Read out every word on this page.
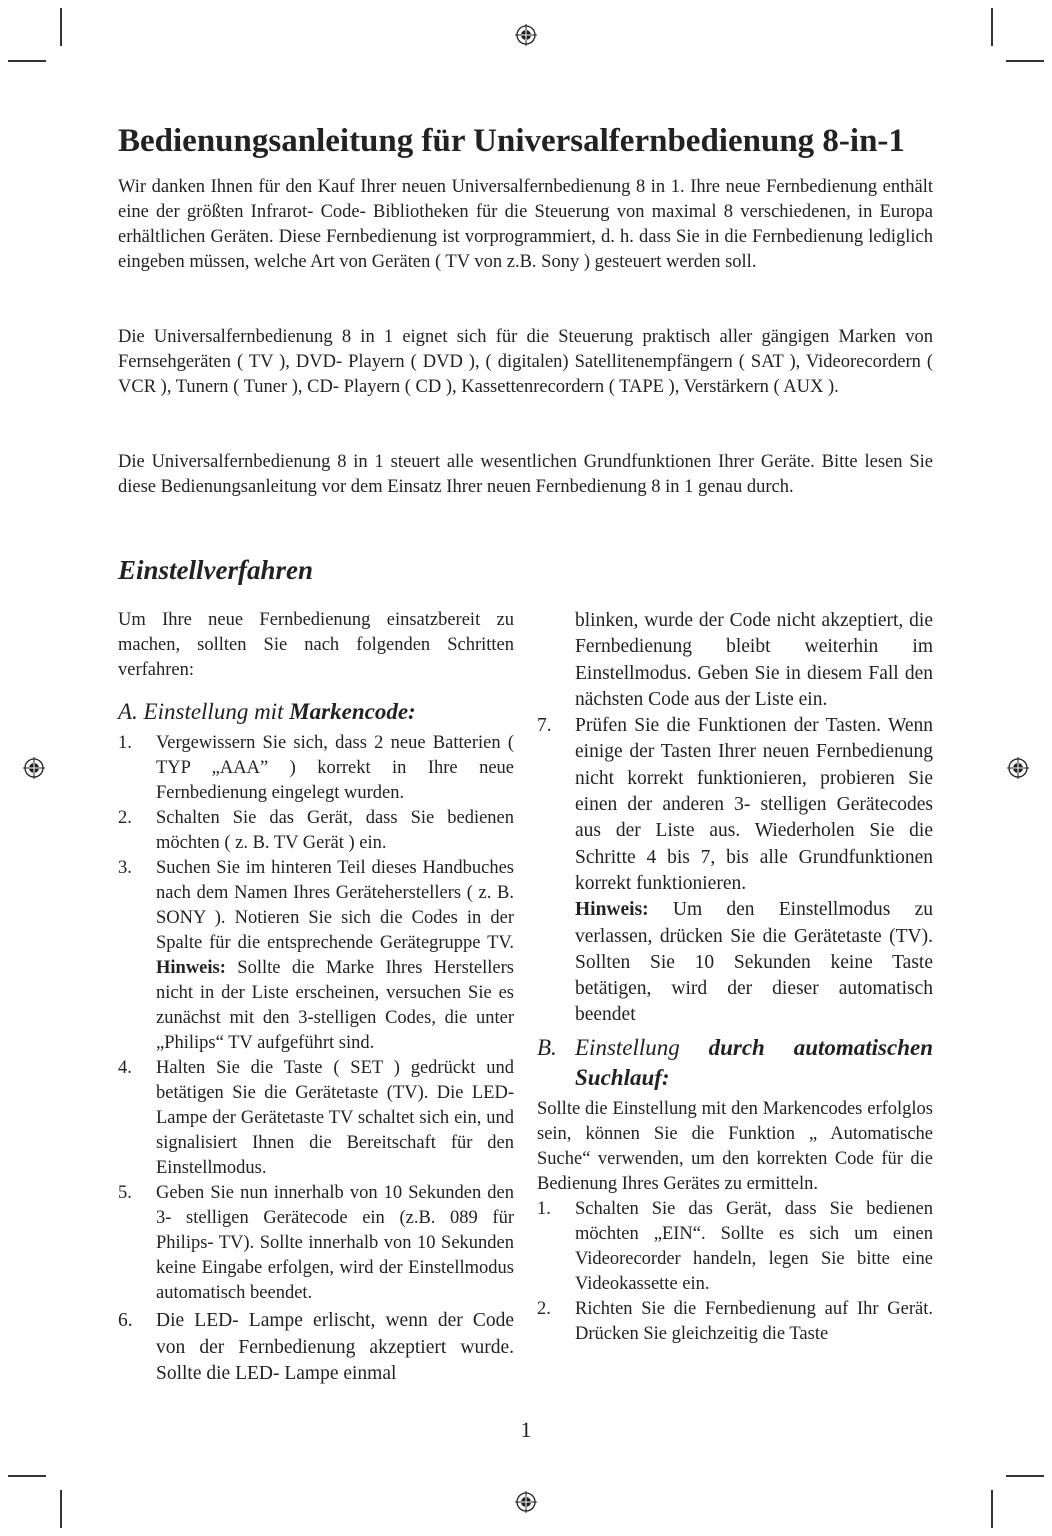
Bedienungsanleitung für Universalfernbedienung 8-in-1

Wir danken Ihnen für den Kauf Ihrer neuen Universalfernbedienung 8 in 1. Ihre neue Fernbedienung enthält eine der größten Infrarot- Code- Bibliotheken für die Steuerung von maximal 8 verschiedenen, in Europa erhältlichen Geräten. Diese Fernbedienung ist vorprogrammiert, d. h. dass Sie in die Fernbedienung lediglich eingeben müssen, welche Art von Geräten ( TV von z.B. Sony ) gesteuert werden soll.

Die Universalfernbedienung 8 in 1 eignet sich für die Steuerung praktisch aller gängigen Marken von Fernsehgeräten ( TV ), DVD- Playern ( DVD ), ( digitalen) Satellitenempfängern ( SAT ), Videorecordern ( VCR ), Tunern ( Tuner ), CD- Playern ( CD ), Kassettenrecordern ( TAPE ), Verstärkern ( AUX ).

Die Universalfernbedienung 8 in 1 steuert alle wesentlichen Grundfunktionen Ihrer Geräte. Bitte lesen Sie diese Bedienungsanleitung vor dem Einsatz Ihrer neuen Fernbedienung 8 in 1 genau durch.

Einstellverfahren

Um Ihre neue Fernbedienung einsatzbereit zu machen, sollten Sie nach folgenden Schritten verfahren:

A. Einstellung mit Markencode:
1. Vergewissern Sie sich, dass 2 neue Batterien ( TYP „AAA” ) korrekt in Ihre neue Fernbedienung eingelegt wurden.
2. Schalten Sie das Gerät, dass Sie bedienen möchten ( z. B. TV Gerät ) ein.
3. Suchen Sie im hinteren Teil dieses Handbuches nach dem Namen Ihres Geräteherstellers ( z. B. SONY ). Notieren Sie sich die Codes in der Spalte für die entsprechende Gerätegruppe TV. Hinweis: Sollte die Marke Ihres Herstellers nicht in der Liste erscheinen, versuchen Sie es zunächst mit den 3-stelligen Codes, die unter „Philips“ TV aufgeführt sind.
4. Halten Sie die Taste ( SET ) gedrückt und betätigen Sie die Gerätetaste (TV). Die LED- Lampe der Gerätetaste TV schaltet sich ein, und signalisiert Ihnen die Bereitschaft für den Einstellmodus.
5. Geben Sie nun innerhalb von 10 Sekunden den 3- stelligen Gerätecode ein (z.B. 089 für Philips- TV). Sollte innerhalb von 10 Sekunden keine Eingabe erfolgen, wird der Einstellmodus automatisch beendet.
6. Die LED- Lampe erlischt, wenn der Code von der Fernbedienung akzeptiert wurde. Sollte die LED- Lampe einmal

blinken, wurde der Code nicht akzeptiert, die Fernbedienung bleibt weiterhin im Einstellmodus. Geben Sie in diesem Fall den nächsten Code aus der Liste ein.

7. Prüfen Sie die Funktionen der Tasten. Wenn einige der Tasten Ihrer neuen Fernbedienung nicht korrekt funktionieren, probieren Sie einen der anderen 3- stelligen Gerätecodes aus der Liste aus. Wiederholen Sie die Schritte 4 bis 7, bis alle Grundfunktionen korrekt funktionieren.

Hinweis: Um den Einstellmodus zu verlassen, drücken Sie die Gerätetaste (TV). Sollten Sie 10 Sekunden keine Taste betätigen, wird der dieser automatisch beendet

B. Einstellung durch automatischen Suchlauf:

Sollte die Einstellung mit den Markencodes erfolglos sein, können Sie die Funktion „ Automatische Suche“ verwenden, um den korrekten Code für die Bedienung Ihres Gerätes zu ermitteln.

1. Schalten Sie das Gerät, dass Sie bedienen möchten „EIN“. Sollte es sich um einen Videorecorder handeln, legen Sie bitte eine Videokassette ein.
2. Richten Sie die Fernbedienung auf Ihr Gerät. Drücken Sie gleichzeitig die Taste
1
